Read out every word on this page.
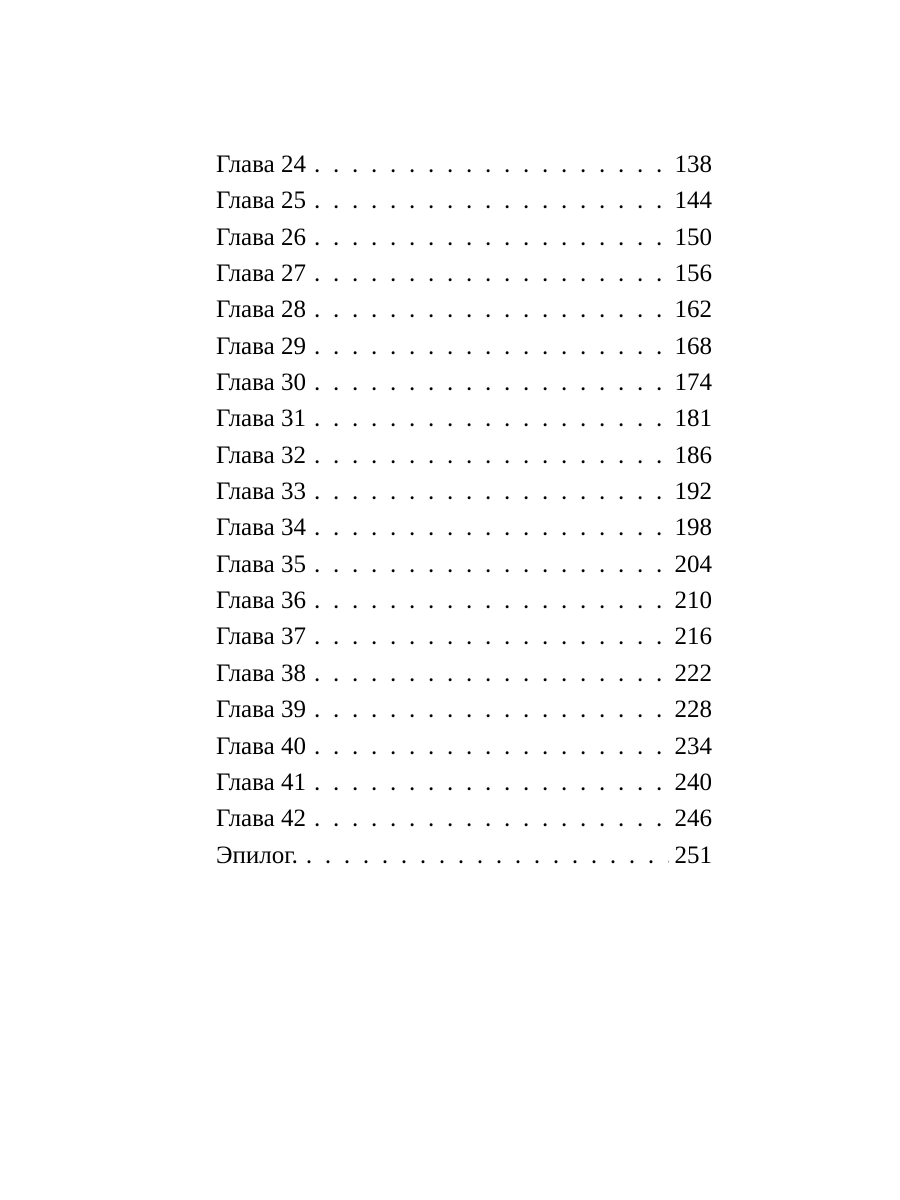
Глава 24 . . .	138
Глава 25 . . .	144
Глава 26 . . .	150
Глава 27 . . .	156
Глава 28 . . .	162
Глава 29 . . .	168
Глава 30 . . .	174
Глава 31 . . .	181
Глава 32 . . .	186
Глава 33 . . .	192
Глава 34 . . .	198
Глава 35 . . .	204
Глава 36 . . .	210
Глава 37 . . .	216
Глава 38 . . .	222
Глава 39 . . .	228
Глава 40 . . .	234
Глава 41 . . .	240
Глава 42 . . .	246
Эпилог. . . .	251
